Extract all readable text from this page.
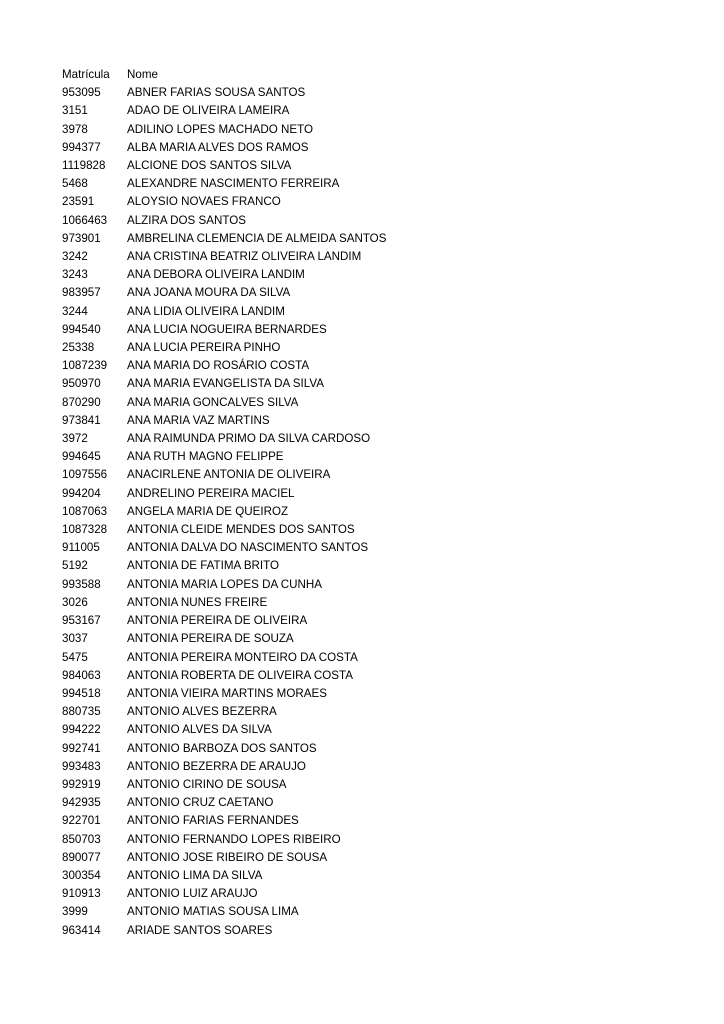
Matrícula	Nome
953095	ABNER FARIAS SOUSA SANTOS
3151	ADAO DE OLIVEIRA LAMEIRA
3978	ADILINO LOPES MACHADO NETO
994377	ALBA MARIA ALVES DOS RAMOS
1119828	ALCIONE DOS SANTOS SILVA
5468	ALEXANDRE NASCIMENTO FERREIRA
23591	ALOYSIO NOVAES FRANCO
1066463	ALZIRA DOS SANTOS
973901	AMBRELINA CLEMENCIA DE ALMEIDA SANTOS
3242	ANA CRISTINA BEATRIZ OLIVEIRA LANDIM
3243	ANA DEBORA OLIVEIRA LANDIM
983957	ANA JOANA MOURA DA SILVA
3244	ANA LIDIA OLIVEIRA LANDIM
994540	ANA LUCIA NOGUEIRA BERNARDES
25338	ANA LUCIA PEREIRA PINHO
1087239	ANA MARIA DO ROSÁRIO COSTA
950970	ANA MARIA EVANGELISTA DA SILVA
870290	ANA MARIA GONCALVES SILVA
973841	ANA MARIA VAZ MARTINS
3972	ANA RAIMUNDA PRIMO DA SILVA CARDOSO
994645	ANA RUTH MAGNO FELIPPE
1097556	ANACIRLENE ANTONIA DE OLIVEIRA
994204	ANDRELINO PEREIRA MACIEL
1087063	ANGELA MARIA DE QUEIROZ
1087328	ANTONIA CLEIDE MENDES DOS SANTOS
911005	ANTONIA DALVA DO NASCIMENTO SANTOS
5192	ANTONIA DE FATIMA BRITO
993588	ANTONIA MARIA LOPES DA CUNHA
3026	ANTONIA NUNES FREIRE
953167	ANTONIA PEREIRA DE OLIVEIRA
3037	ANTONIA PEREIRA DE SOUZA
5475	ANTONIA PEREIRA MONTEIRO DA COSTA
984063	ANTONIA ROBERTA DE OLIVEIRA COSTA
994518	ANTONIA VIEIRA MARTINS MORAES
880735	ANTONIO ALVES BEZERRA
994222	ANTONIO ALVES DA SILVA
992741	ANTONIO BARBOZA DOS SANTOS
993483	ANTONIO BEZERRA DE ARAUJO
992919	ANTONIO CIRINO DE SOUSA
942935	ANTONIO CRUZ CAETANO
922701	ANTONIO FARIAS FERNANDES
850703	ANTONIO FERNANDO LOPES RIBEIRO
890077	ANTONIO JOSE RIBEIRO DE SOUSA
300354	ANTONIO LIMA DA SILVA
910913	ANTONIO LUIZ ARAUJO
3999	ANTONIO MATIAS SOUSA LIMA
963414	ARIADE SANTOS SOARES
